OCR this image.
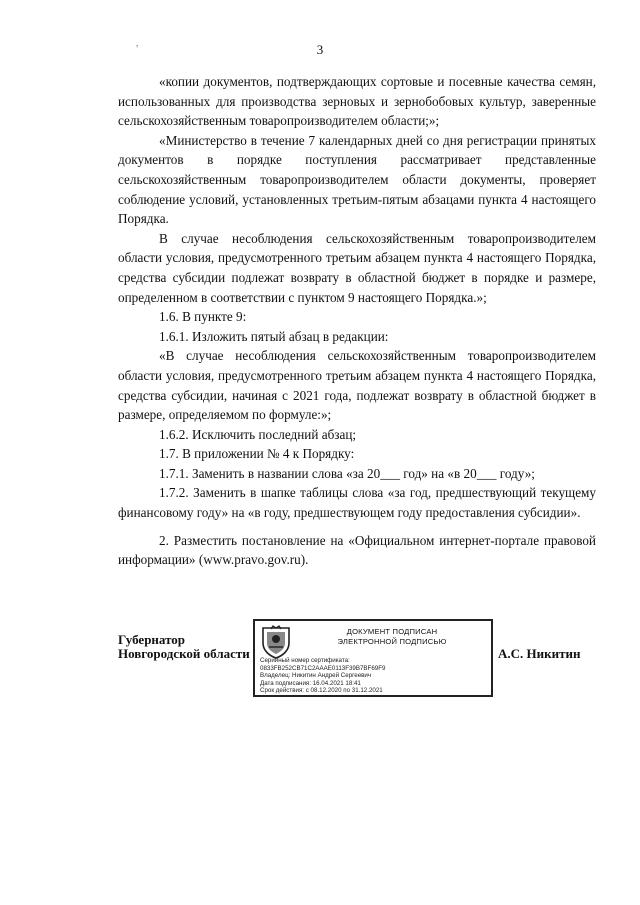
,	3

«копии документов, подтверждающих сортовые и посевные качества семян, использованных для производства зерновых и зернобобовых культур, заверенные сельскохозяйственным товаропроизводителем области;»;

«Министерство в течение 7 календарных дней со дня регистрации принятых документов в порядке поступления рассматривает представленные сельскохозяйственным товаропроизводителем области документы, проверяет соблюдение условий, установленных третьим-пятым абзацами пункта 4 настоящего Порядка.

В случае несоблюдения сельскохозяйственным товаропроизводителем области условия, предусмотренного третьим абзацем пункта 4 настоящего Порядка, средства субсидии подлежат возврату в областной бюджет в порядке и размере, определенном в соответствии с пунктом 9 настоящего Порядка.»;

1.6. В пункте 9:

1.6.1. Изложить пятый абзац в редакции:

«В случае несоблюдения сельскохозяйственным товаропроизводителем области условия, предусмотренного третьим абзацем пункта 4 настоящего Порядка, средства субсидии, начиная с 2021 года, подлежат возврату в областной бюджет в размере, определяемом по формуле:»;

1.6.2. Исключить последний абзац;

1.7. В приложении № 4 к Порядку:

1.7.1. Заменить в названии слова «за 20___ год» на «в 20___ году»;

1.7.2. Заменить в шапке таблицы слова «за год, предшествующий текущему финансовому году» на «в году, предшествующем году предоставления субсидии».

2. Разместить постановление на «Официальном интернет-портале правовой информации» (www.pravo.gov.ru).

Губернатор
Новгородской области
ДОКУМЕНТ ПОДПИСАН
ЭЛЕКТРОННОЙ ПОДПИСЬЮ
Серийный номер сертификата:
0833FB252CB71C2AAAE0113F39B7BF69F9
Владелец: Никитин Андрей Сергеевич
Дата подписания: 16.04.2021 18:41
Срок действия: с 08.12.2020 по 31.12.2021
А.С. Никитин
